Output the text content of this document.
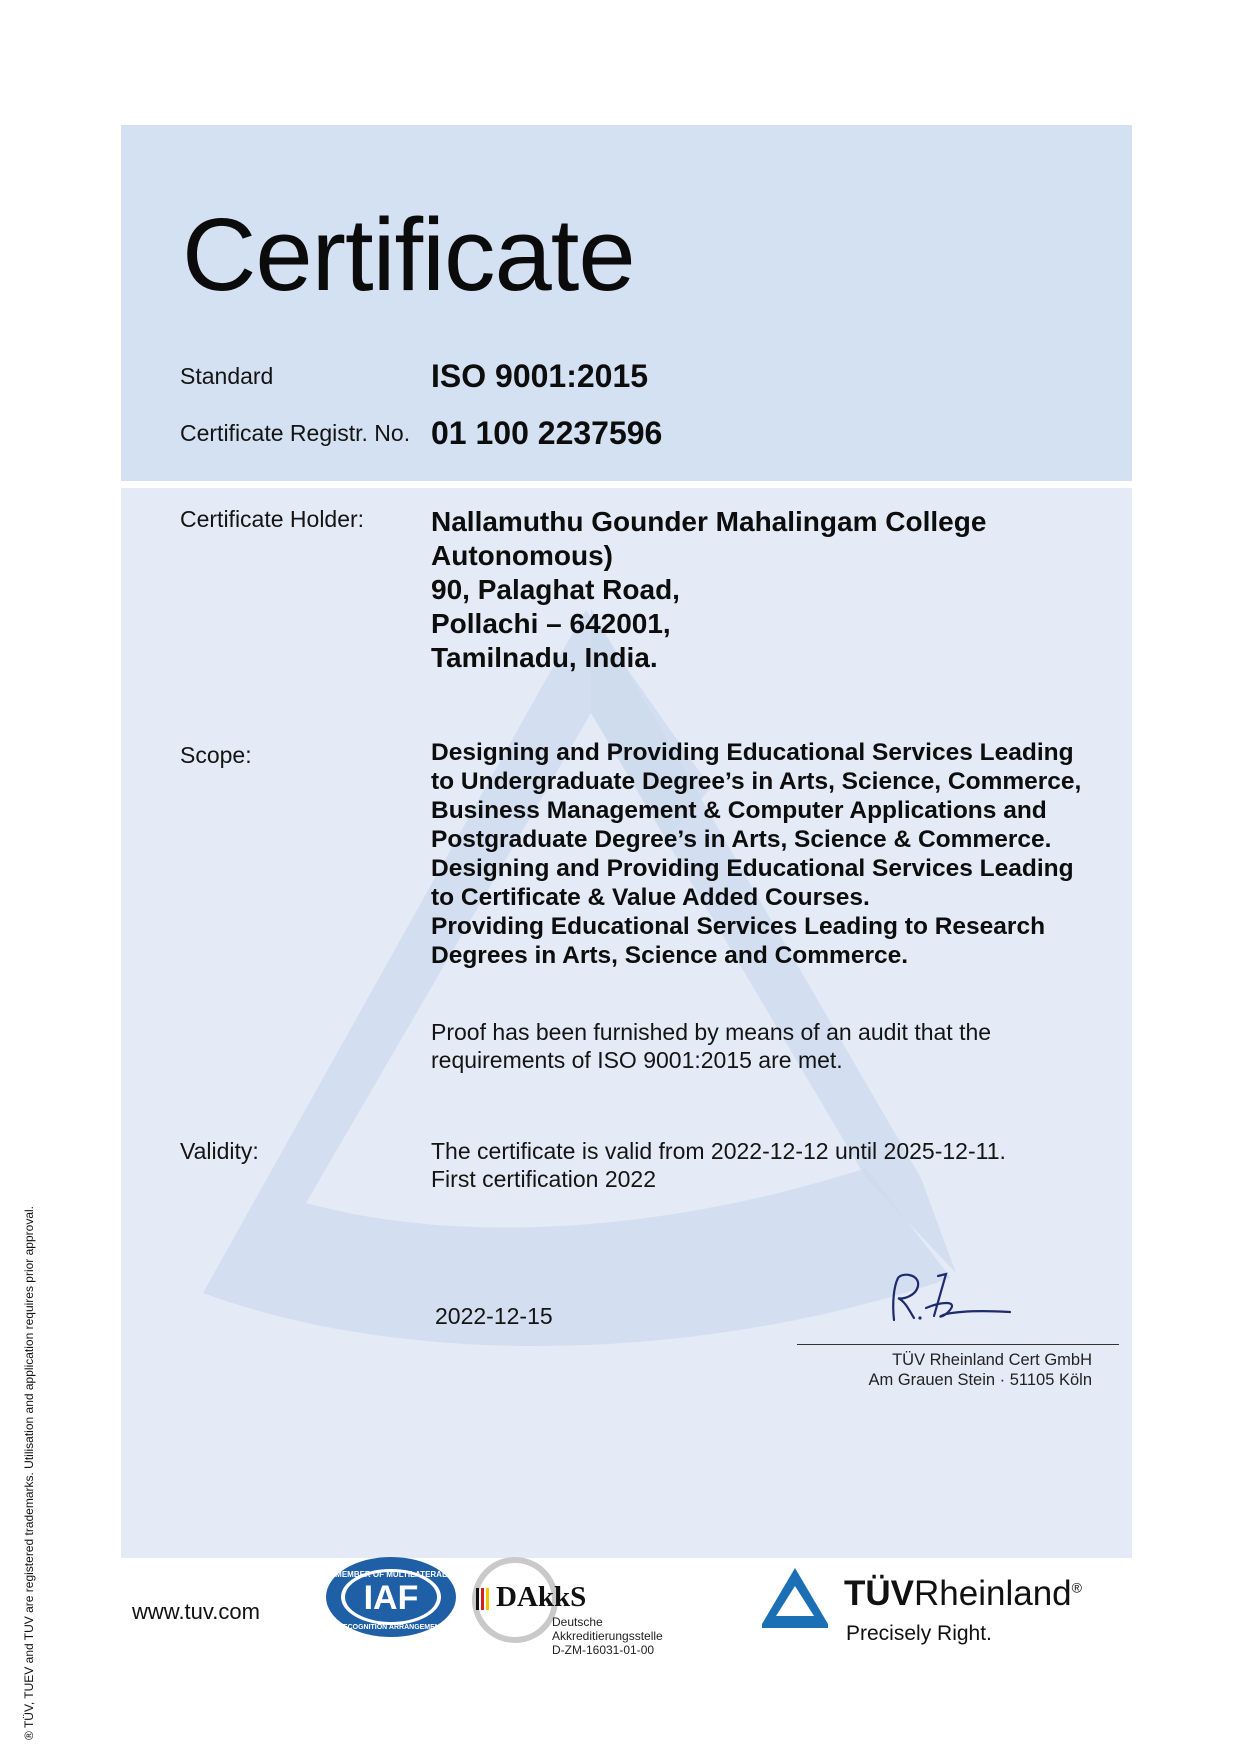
Certificate
Standard	ISO 9001:2015
Certificate Registr. No. 01 100 2237596
Certificate Holder: Nallamuthu Gounder Mahalingam College
Autonomous)
90, Palaghat Road,
Pollachi – 642001,
Tamilnadu, India.
Scope:	Designing and Providing Educational Services Leading
to Undergraduate Degree’s in Arts, Science, Commerce,
Business Management & Computer Applications and
Postgraduate Degree’s in Arts, Science & Commerce.
Designing and Providing Educational Services Leading
to Certificate & Value Added Courses.
Providing Educational Services Leading to Research
Degrees in Arts, Science and Commerce.
Proof has been furnished by means of an audit that the
requirements of ISO 9001:2015 are met.
Validity:	The certificate is valid from 2022-12-12 until 2025-12-11.
First certification 2022
2022-12-15
TÜV Rheinland Cert GmbH
Am Grauen Stein · 51105 Köln
www.tuv.com
MEMBER OF MULTILATERAL
RECOGNITION ARRANGEMENT
IAF	DAkkS
Deutsche
Akkreditierungsstelle
D-ZM-16031-01-00
TÜVRheinland®
Precisely Right.
® TÜV, TUEV and TUV are registered trademarks. Utilisation and application requires prior approval.
